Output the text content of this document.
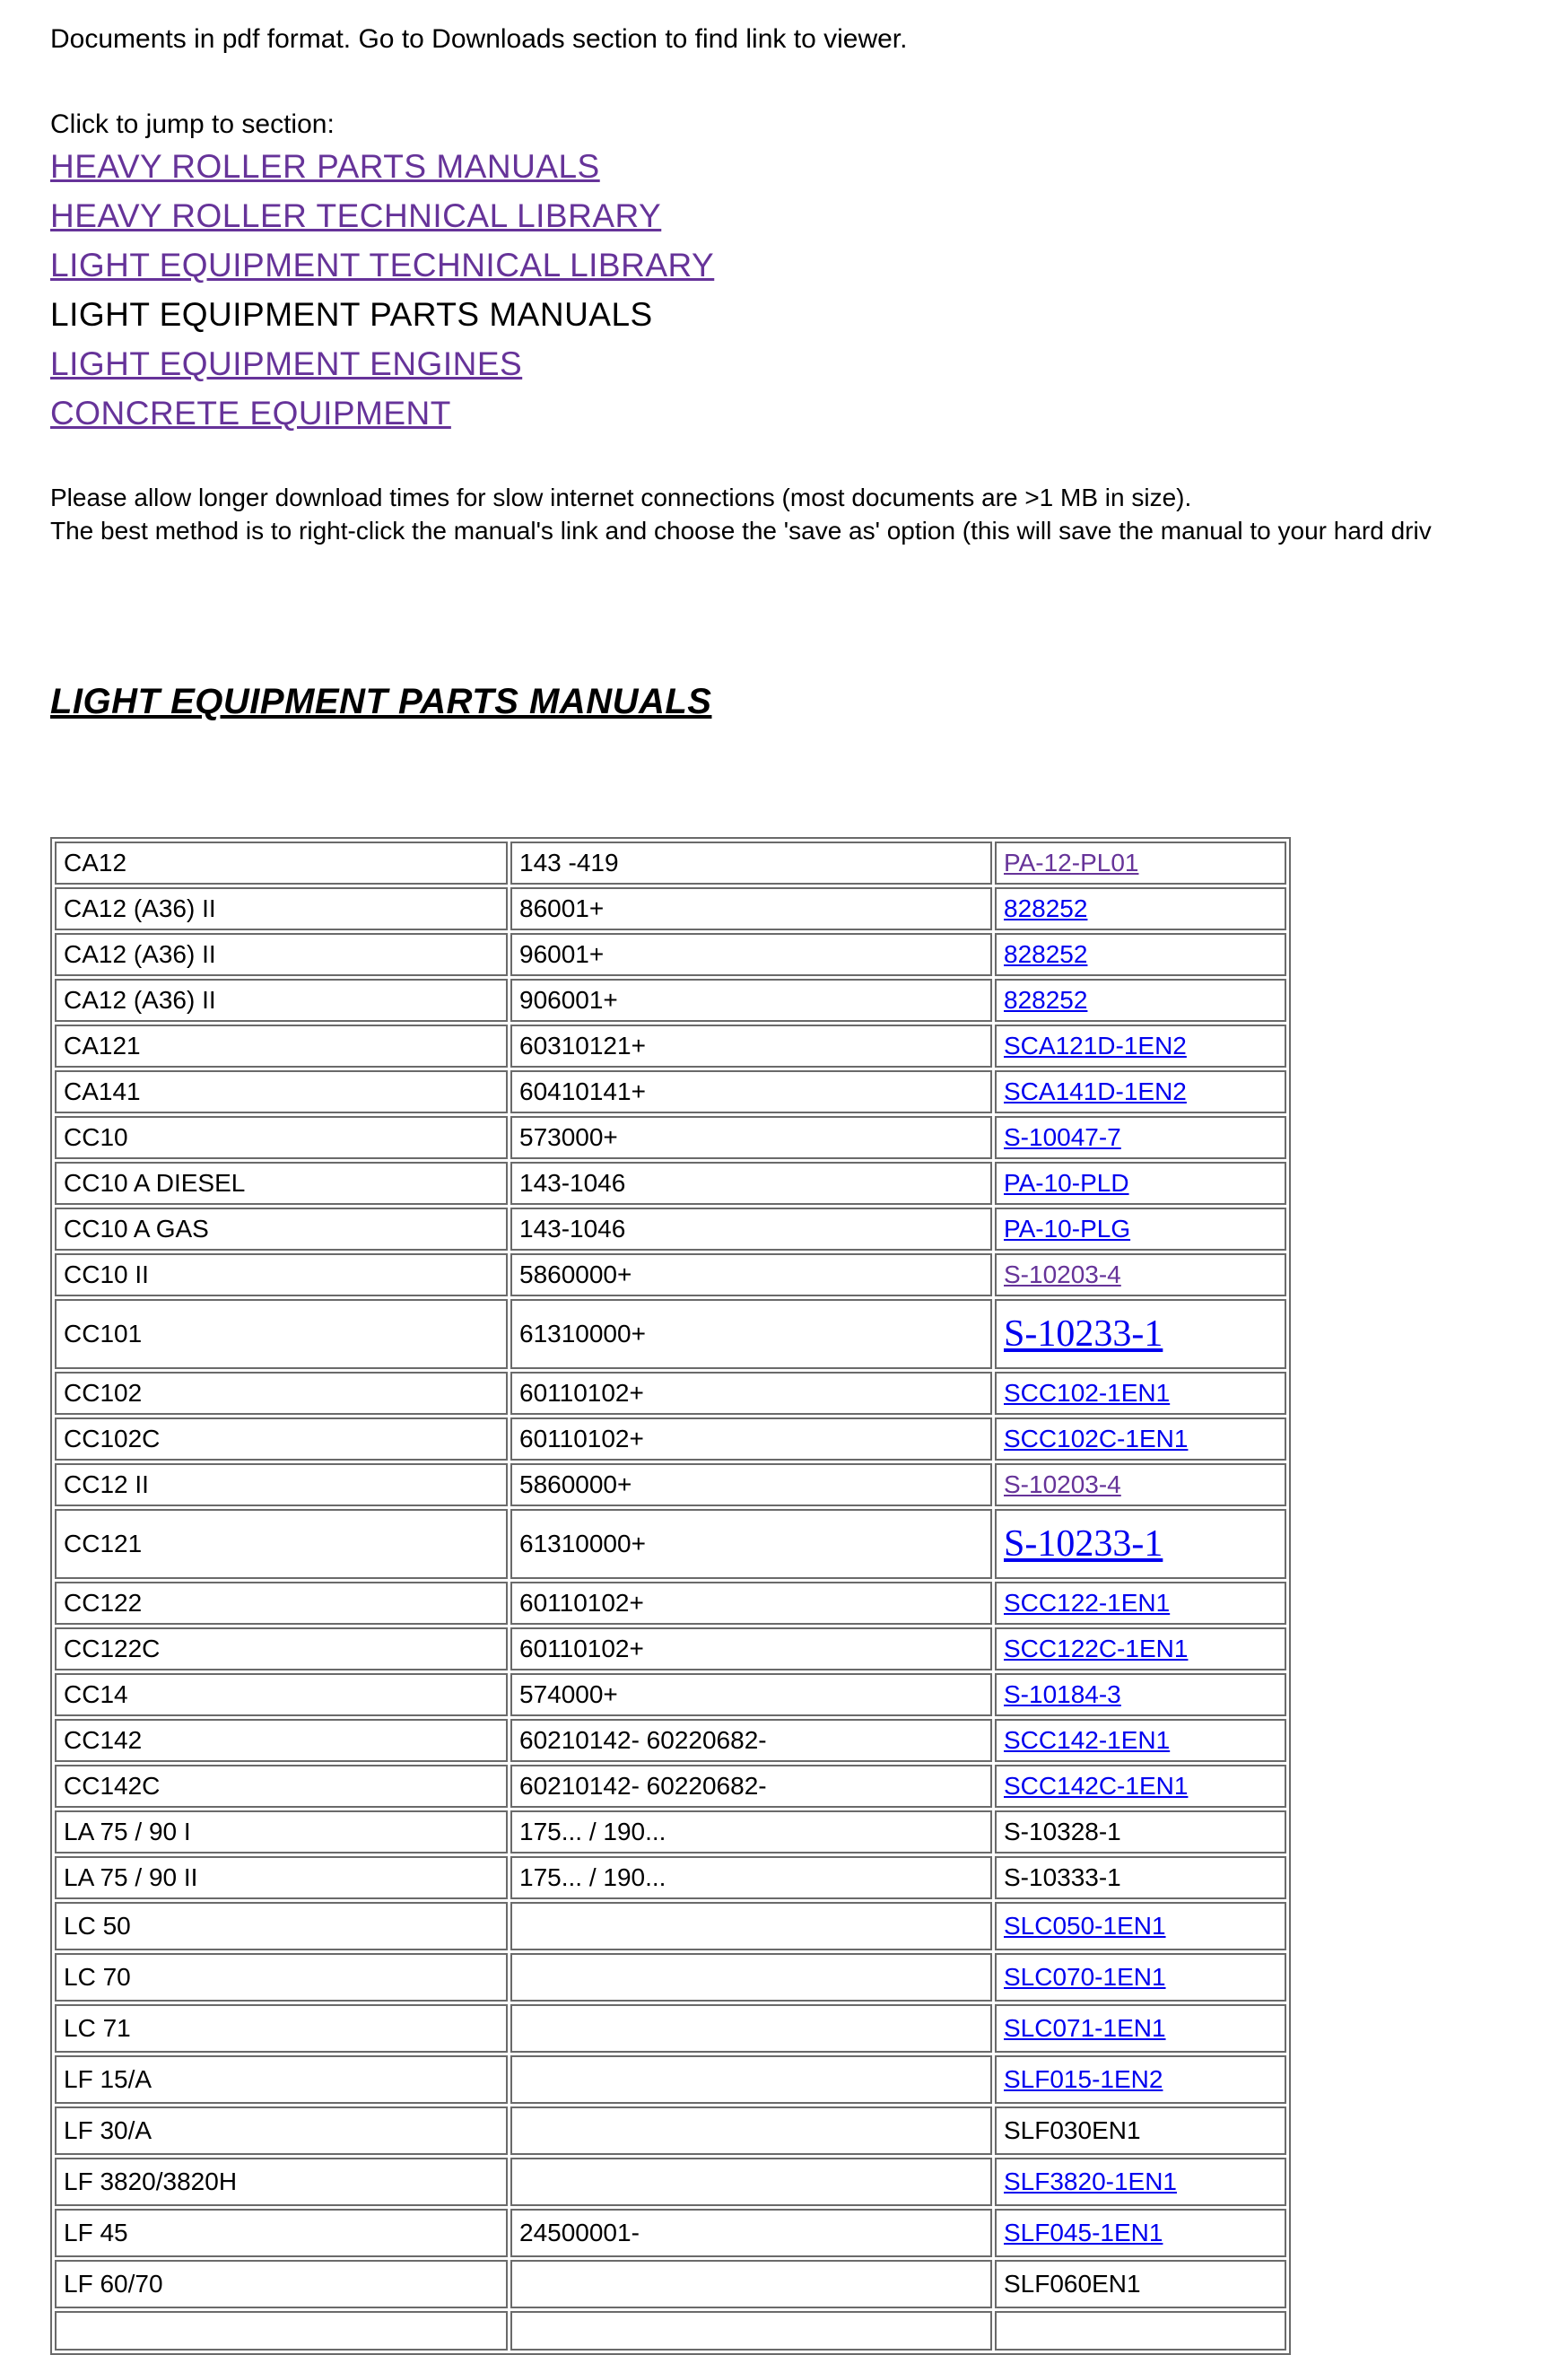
Documents in pdf format. Go to Downloads section to find link to viewer.

Click to jump to section:

HEAVY ROLLER PARTS MANUALS
HEAVY ROLLER TECHNICAL LIBRARY
LIGHT EQUIPMENT TECHNICAL LIBRARY
LIGHT EQUIPMENT PARTS MANUALS
LIGHT EQUIPMENT ENGINES
CONCRETE EQUIPMENT
Please allow longer download times for slow internet connections (most documents are >1 MB in size).
The best method is to right-click the manual's link and choose the 'save as' option (this will save the manual to your hard driv
LIGHT EQUIPMENT PARTS MANUALS
CA12	143 -419	PA-12-PL01
CA12 (A36) II	86001+	828252
CA12 (A36) II	96001+	828252
CA12 (A36) II	906001+	828252
CA121	60310121+	SCA121D-1EN2
CA141	60410141+	SCA141D-1EN2
CC10	573000+	S-10047-7
CC10 A DIESEL	143-1046	PA-10-PLD
CC10 A GAS	143-1046	PA-10-PLG
CC10 II	5860000+	S-10203-4
CC101	61310000+	S-10233-1
CC102	60110102+	SCC102-1EN1
CC102C	60110102+	SCC102C-1EN1
CC12 II	5860000+	S-10203-4
CC121	61310000+	S-10233-1
CC122	60110102+	SCC122-1EN1
CC122C	60110102+	SCC122C-1EN1
CC14	574000+	S-10184-3
CC142	60210142- 60220682-	SCC142-1EN1
CC142C	60210142- 60220682-	SCC142C-1EN1
LA 75 / 90 I	175... / 190...	S-10328-1
LA 75 / 90 II	175... / 190...	S-10333-1
LC 50		SLC050-1EN1
LC 70		SLC070-1EN1
LC 71		SLC071-1EN1
LF 15/A		SLF015-1EN2
LF 30/A		SLF030EN1
LF 3820/3820H		SLF3820-1EN1
LF 45	24500001-	SLF045-1EN1
LF 60/70		SLF060EN1
